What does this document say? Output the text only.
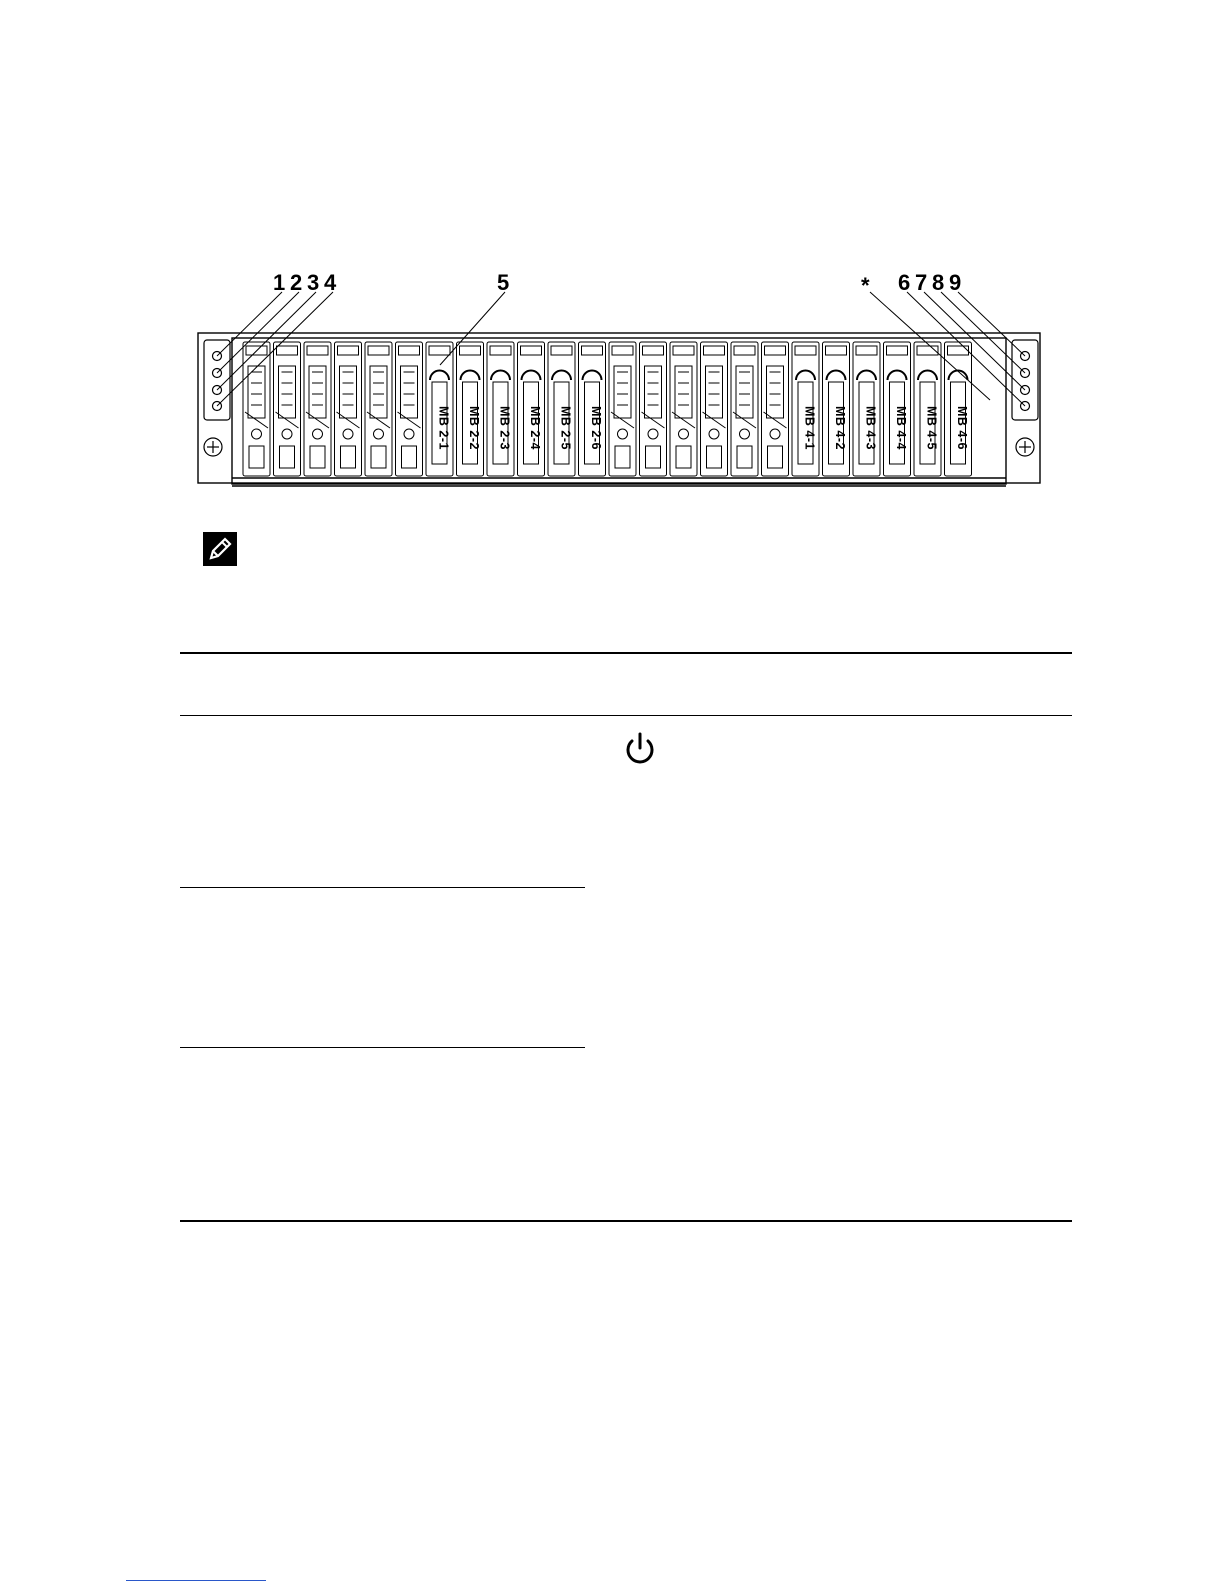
MB 2-1 MB 2-2 MB 2-3 MB 2-4 MB 2-5 MB 2-6	MB 4-1 MB 4-2 MB 4-3 MB 4-4 MB 4-5 MB 4-6
1 2 3 4	5	* 6 7 8 9
